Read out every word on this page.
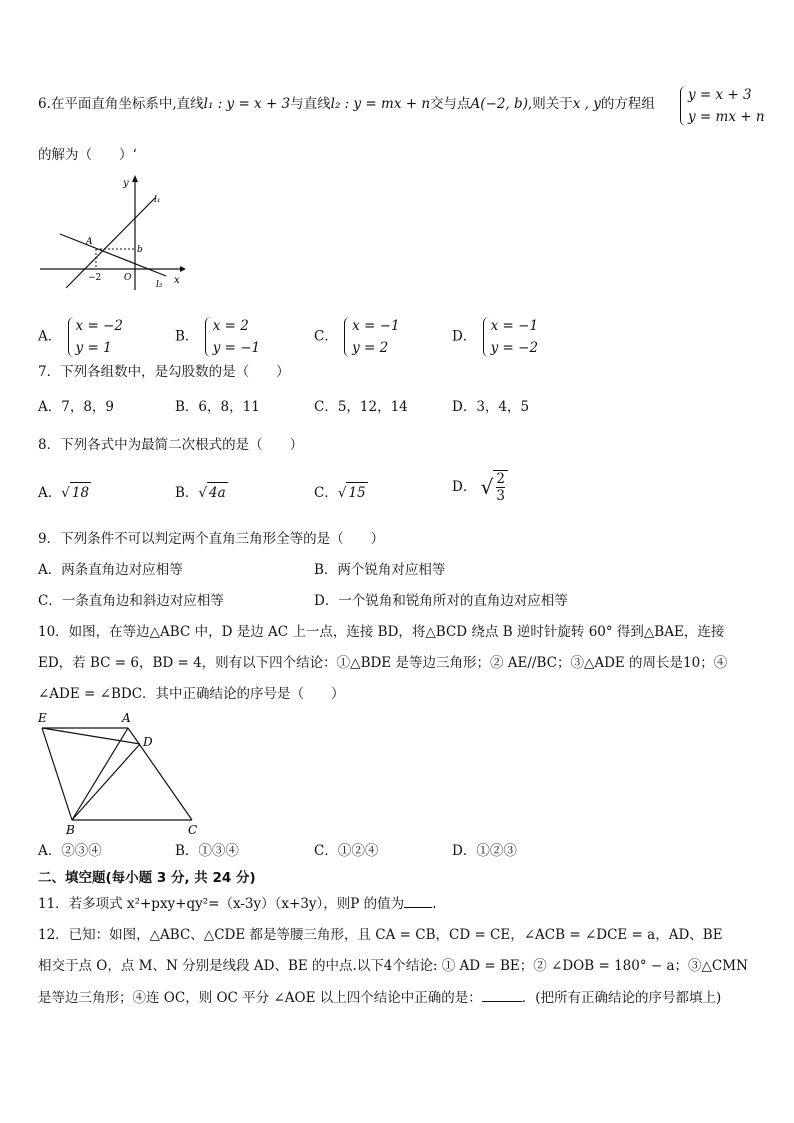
6.在平面直角坐标系中,直线l₁ : y = x + 3与直线l₂ : y = mx + n交与点A(−2, b),则关于x , y的方程组
y = x + 3
y = mx + n
的解为（　　）‘
y
x
l₁
l₂
A
b
−2	O
A．
x = −2
y = 1
B．
x = 2
y = −1
C．
x = −1
y = 2
D．
x = −1
y = −2
7．下列各组数中，是勾股数的是（　　）
A．7，8，9	B．6，8，11	C．5，12，14	D．3，4，5
8．下列各式中为最简二次根式的是（　　）
A．√ 18	B．√ 4a	C．√ 15	D． √ $\frac{2}{3}$
9．下列条件不可以判定两个直角三角形全等的是（　　）
A．两条直角边对应相等	B．两个锐角对应相等
C．一条直角边和斜边对应相等	D．一个锐角和锐角所对的直角边对应相等
10．如图，在等边△ABC 中，D 是边 AC 上一点，连接 BD，将△BCD 绕点 B 逆时针旋转 60° 得到△BAE，连接
ED，若 BC = 6，BD = 4，则有以下四个结论：①△BDE 是等边三角形；② AE//BC；③△ADE 的周长是10；④
∠ADE = ∠BDC．其中正确结论的序号是（　　）
E	A
D
B	C
A．②③④	B．①③④	C．①②④	D．①②③
二、填空题(每小题 3 分, 共 24 分)
11．若多项式 x²+pxy+qy²=（x-3y）（x+3y），则P 的值为 .
12．已知：如图，△ABC、△CDE 都是等腰三角形，且 CA = CB，CD = CE，∠ACB = ∠DCE = a，AD、BE
相交于点 O，点 M、N 分别是线段 AD、BE 的中点.以下4个结论: ① AD = BE；② ∠DOB = 180° − a；③△CMN
是等边三角形；④连 OC，则 OC 平分 ∠AOE 以上四个结论中正确的是：	．(把所有正确结论的序号都填上)
